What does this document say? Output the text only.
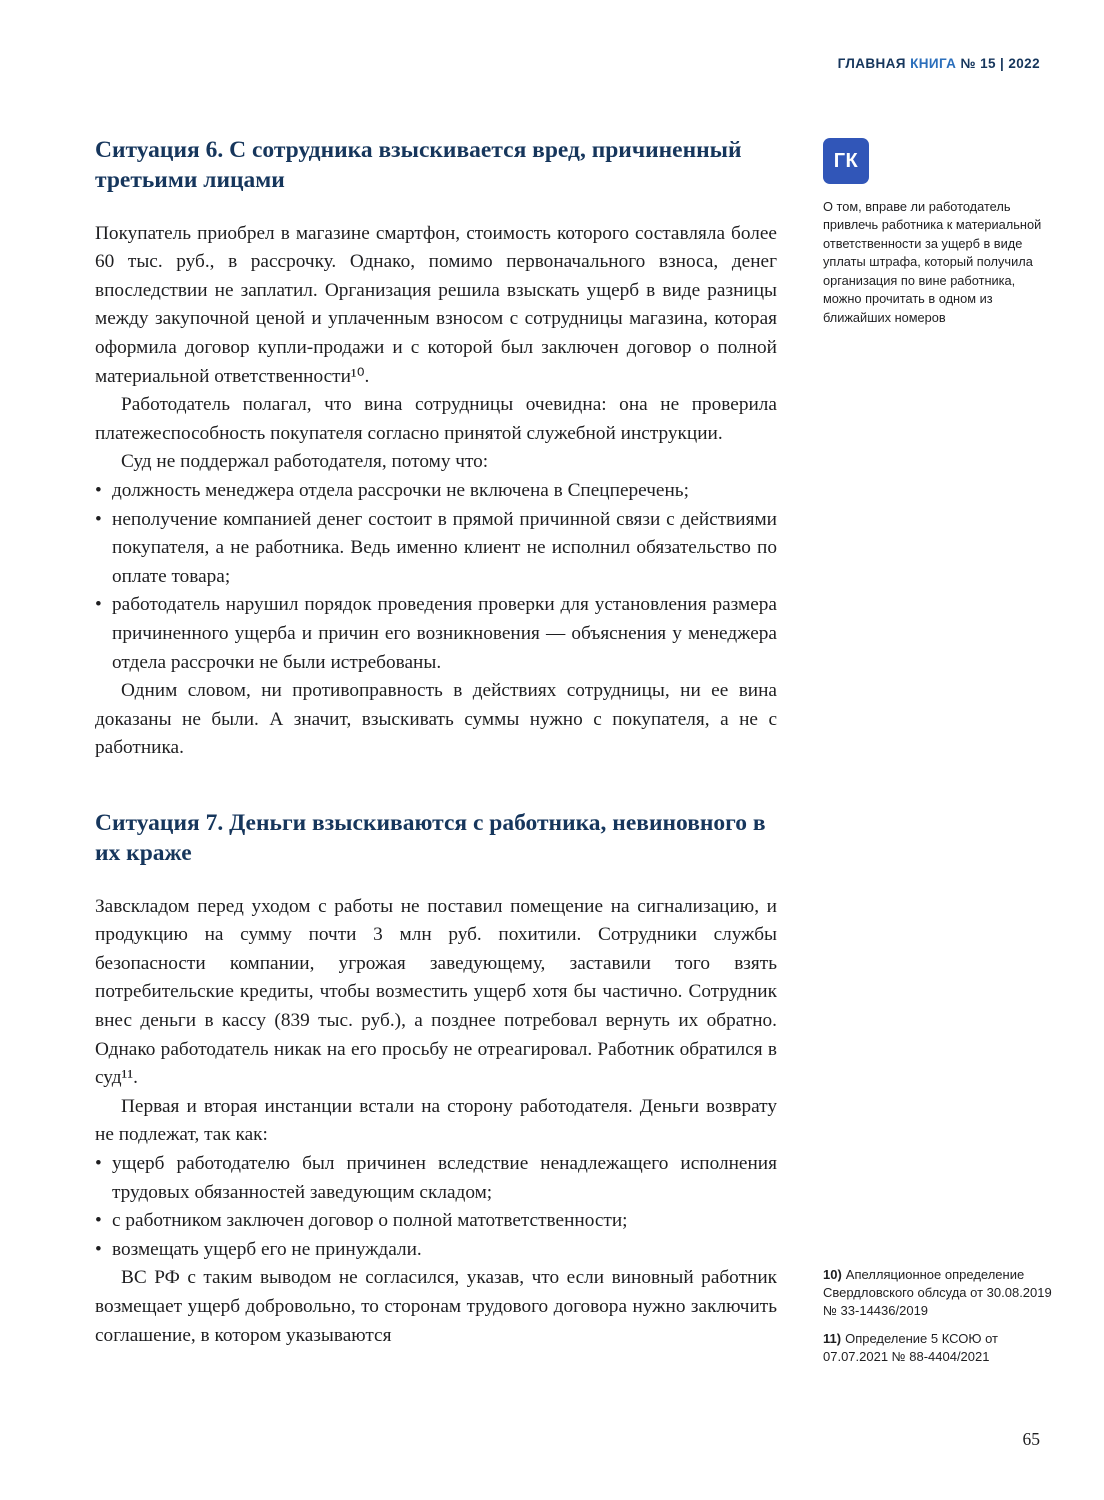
ГЛАВНАЯ КНИГА № 15 | 2022
Ситуация 6. С сотрудника взыскивается вред, причиненный третьими лицами

Покупатель приобрел в магазине смартфон, стоимость которого составляла более 60 тыс. руб., в рассрочку. Однако, помимо первоначального взноса, денег впоследствии не заплатил. Организация решила взыскать ущерб в виде разницы между закупочной ценой и уплаченным взносом с сотрудницы магазина, которая оформила договор купли-продажи и с которой был заключен договор о полной материальной ответственности¹⁰.

Работодатель полагал, что вина сотрудницы очевидна: она не проверила платежеспособность покупателя согласно принятой служебной инструкции.

Суд не поддержал работодателя, потому что:

• должность менеджера отдела рассрочки не включена в Спецперечень;
• неполучение компанией денег состоит в прямой причинной связи с действиями покупателя, а не работника. Ведь именно клиент не исполнил обязательство по оплате товара;
• работодатель нарушил порядок проведения проверки для установления размера причиненного ущерба и причин его возникновения — объяснения у менеджера отдела рассрочки не были истребованы.

Одним словом, ни противоправность в действиях сотрудницы, ни ее вина доказаны не были. А значит, взыскивать суммы нужно с покупателя, а не с работника.

Ситуация 7. Деньги взыскиваются с работника, невиновного в их краже

Завскладом перед уходом с работы не поставил помещение на сигнализацию, и продукцию на сумму почти 3 млн руб. похитили. Сотрудники службы безопасности компании, угрожая заведующему, заставили того взять потребительские кредиты, чтобы возместить ущерб хотя бы частично. Сотрудник внес деньги в кассу (839 тыс. руб.), а позднее потребовал вернуть их обратно. Однако работодатель никак на его просьбу не отреагировал. Работник обратился в суд¹¹.

Первая и вторая инстанции встали на сторону работодателя. Деньги возврату не подлежат, так как:

• ущерб работодателю был причинен вследствие ненадлежащего исполнения трудовых обязанностей заведующим складом;
• с работником заключен договор о полной матответственности;
• возмещать ущерб его не принуждали.

ВС РФ с таким выводом не согласился, указав, что если виновный работник возмещает ущерб добровольно, то сторонам трудового договора нужно заключить соглашение, в котором указываются

ГК
О том, вправе ли работодатель привлечь работника к материальной ответственности за ущерб в виде уплаты штрафа, который получила организация по вине работника, можно прочитать в одном из ближайших номеров
10) Апелляционное определение Свердловского облсуда от 30.08.2019 № 33-14436/2019
11) Определение 5 КСОЮ от 07.07.2021 № 88-4404/2021
65
